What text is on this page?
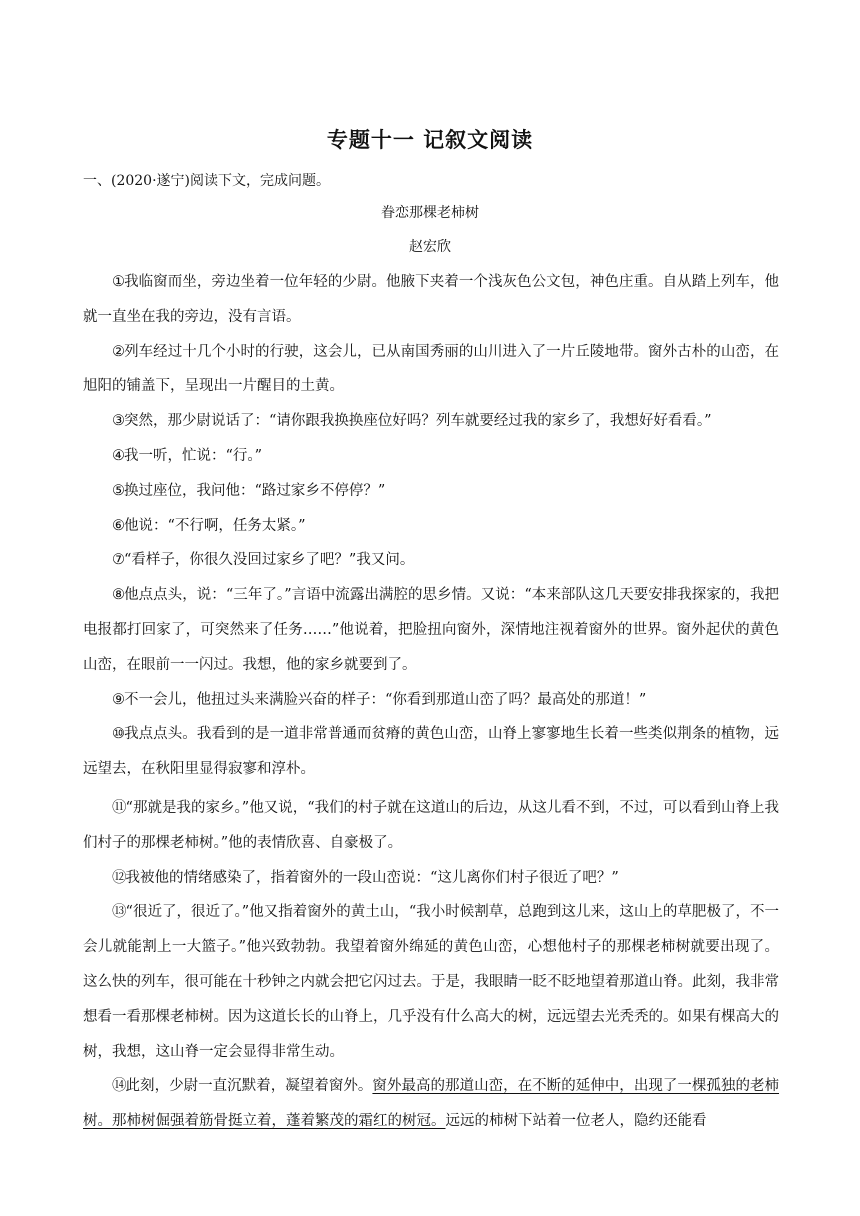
专题十一 记叙文阅读

一、(2020·遂宁)阅读下文，完成问题。

眷恋那棵老柿树

赵宏欣

①我临窗而坐，旁边坐着一位年轻的少尉。他腋下夹着一个浅灰色公文包，神色庄重。自从踏上列车，他就一直坐在我的旁边，没有言语。

②列车经过十几个小时的行驶，这会儿，已从南国秀丽的山川进入了一片丘陵地带。窗外古朴的山峦，在旭阳的铺盖下，呈现出一片醒目的土黄。

③突然，那少尉说话了：“请你跟我换换座位好吗？列车就要经过我的家乡了，我想好好看看。”

④我一听，忙说：“行。”

⑤换过座位，我问他：“路过家乡不停停？”

⑥他说：“不行啊，任务太紧。”

⑦“看样子，你很久没回过家乡了吧？”我又问。

⑧他点点头，说：“三年了。”言语中流露出满腔的思乡情。又说：“本来部队这几天要安排我探家的，我把电报都打回家了，可突然来了任务……”他说着，把脸扭向窗外，深情地注视着窗外的世界。窗外起伏的黄色山峦，在眼前一一闪过。我想，他的家乡就要到了。

⑨不一会儿，他扭过头来满脸兴奋的样子：“你看到那道山峦了吗？最高处的那道！”

⑩我点点头。我看到的是一道非常普通而贫瘠的黄色山峦，山脊上寥寥地生长着一些类似荆条的植物，远远望去，在秋阳里显得寂寥和淳朴。

⑪“那就是我的家乡。”他又说，“我们的村子就在这道山的后边，从这儿看不到，不过，可以看到山脊上我们村子的那棵老柿树。”他的表情欣喜、自豪极了。

⑫我被他的情绪感染了，指着窗外的一段山峦说：“这儿离你们村子很近了吧？”

⑬“很近了，很近了。”他又指着窗外的黄土山，“我小时候割草，总跑到这儿来，这山上的草肥极了，不一会儿就能割上一大篮子。”他兴致勃勃。我望着窗外绵延的黄色山峦，心想他村子的那棵老柿树就要出现了。这么快的列车，很可能在十秒钟之内就会把它闪过去。于是，我眼睛一眨不眨地望着那道山脊。此刻，我非常想看一看那棵老柿树。因为这道长长的山脊上，几乎没有什么高大的树，远远望去光秃秃的。如果有棵高大的树，我想，这山脊一定会显得非常生动。

⑭此刻，少尉一直沉默着，凝望着窗外。窗外最高的那道山峦，在不断的延伸中，出现了一棵孤独的老柿树。那柿树倔强着筋骨挺立着，蓬着繁茂的霜红的树冠。远远的柿树下站着一位老人，隐约还能看
